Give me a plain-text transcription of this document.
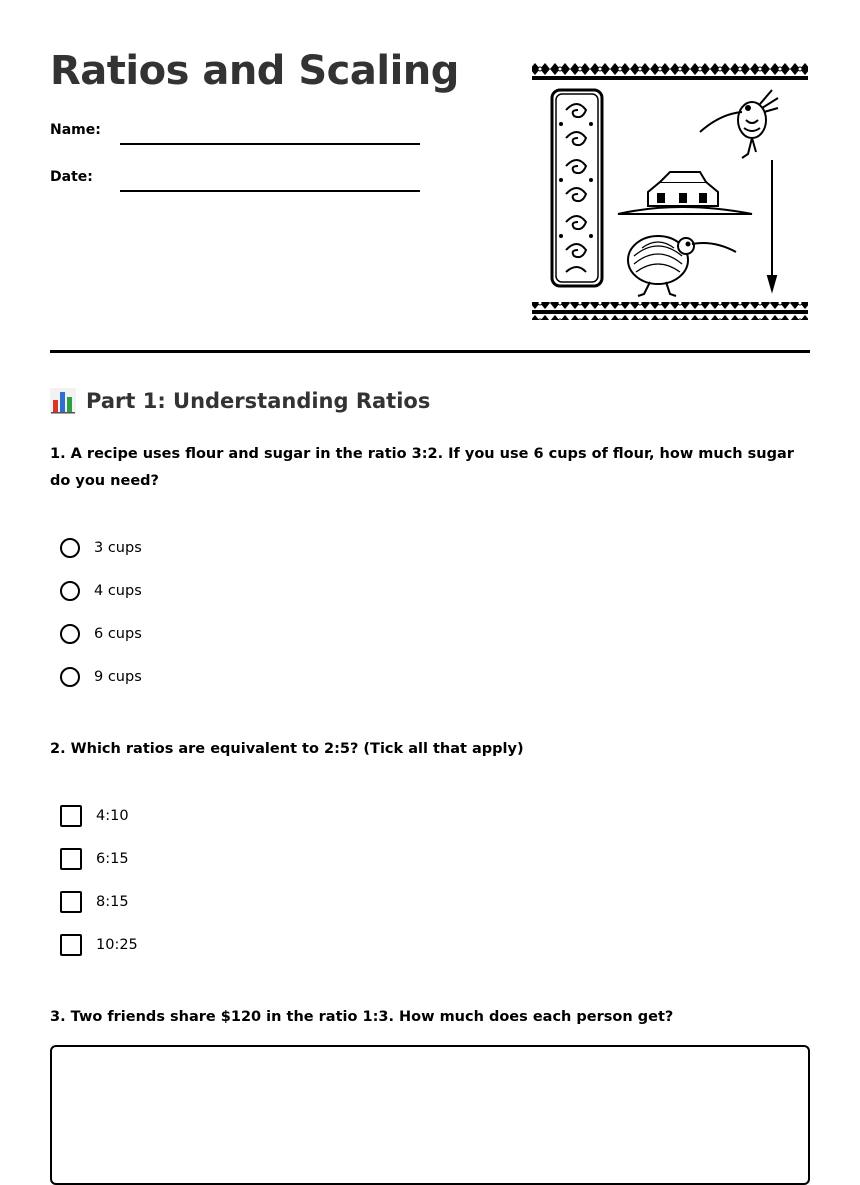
Ratios and Scaling
Name:
Date:
Part 1: Understanding Ratios

1. A recipe uses flour and sugar in the ratio 3:2. If you use 6 cups of flour, how much sugar do you need?

3 cups
4 cups
6 cups
9 cups

2. Which ratios are equivalent to 2:5? (Tick all that apply)

4:10
6:15
8:15
10:25

3. Two friends share $120 in the ratio 1:3. How much does each person get?
